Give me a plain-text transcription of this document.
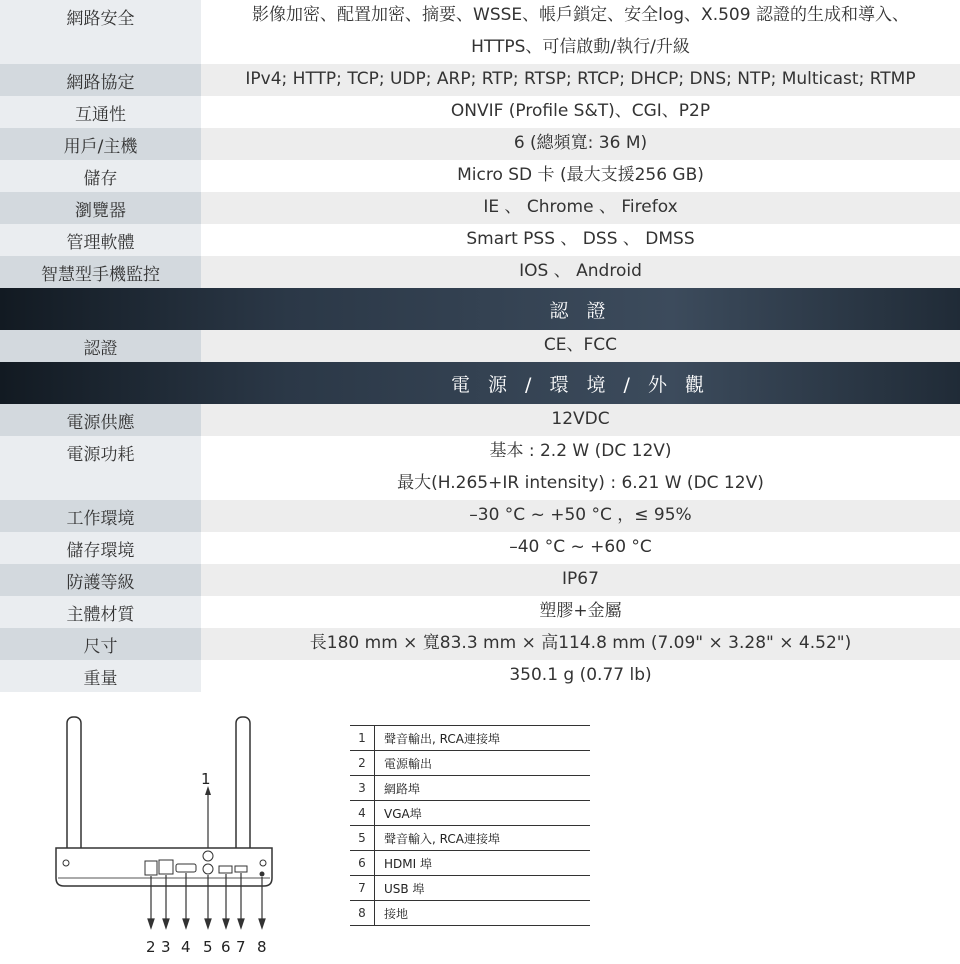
網路安全	影像加密、配置加密、摘要、WSSE、帳戶鎖定、安全log、X.509 認證的生成和導入、
HTTPS、可信啟動/執行/升級
網路協定	IPv4; HTTP; TCP; UDP; ARP; RTP; RTSP; RTCP; DHCP; DNS; NTP; Multicast; RTMP
互通性	ONVIF (Profile S&T)、CGI、P2P
用戶/主機	6 (總頻寬: 36 M)
儲存	Micro SD 卡 (最大支援256 GB)
瀏覽器	IE 、 Chrome 、 Firefox
管理軟體	Smart PSS 、 DSS 、 DMSS
智慧型手機監控	IOS 、 Android
認 證
認證	CE、FCC
電 源 / 環 境 / 外 觀
電源供應	12VDC
電源功耗	基本 : 2.2 W (DC 12V)
最大(H.265+IR intensity) : 6.21 W (DC 12V)
工作環境	–30 °C ~ +50 °C ，≤ 95%
儲存環境	–40 °C ~ +60 °C
防護等級	IP67
主體材質	塑膠+金屬
尺寸	長180 mm × 寬83.3 mm × 高114.8 mm (7.09" × 3.28" × 4.52")
重量	350.1 g (0.77 lb)
1
2 3 4 5 6 7 8
1	聲音輸出, RCA連接埠
2	電源輸出
3	網路埠
4	VGA埠
5	聲音輸入, RCA連接埠
6	HDMI 埠
7	USB 埠
8	接地
